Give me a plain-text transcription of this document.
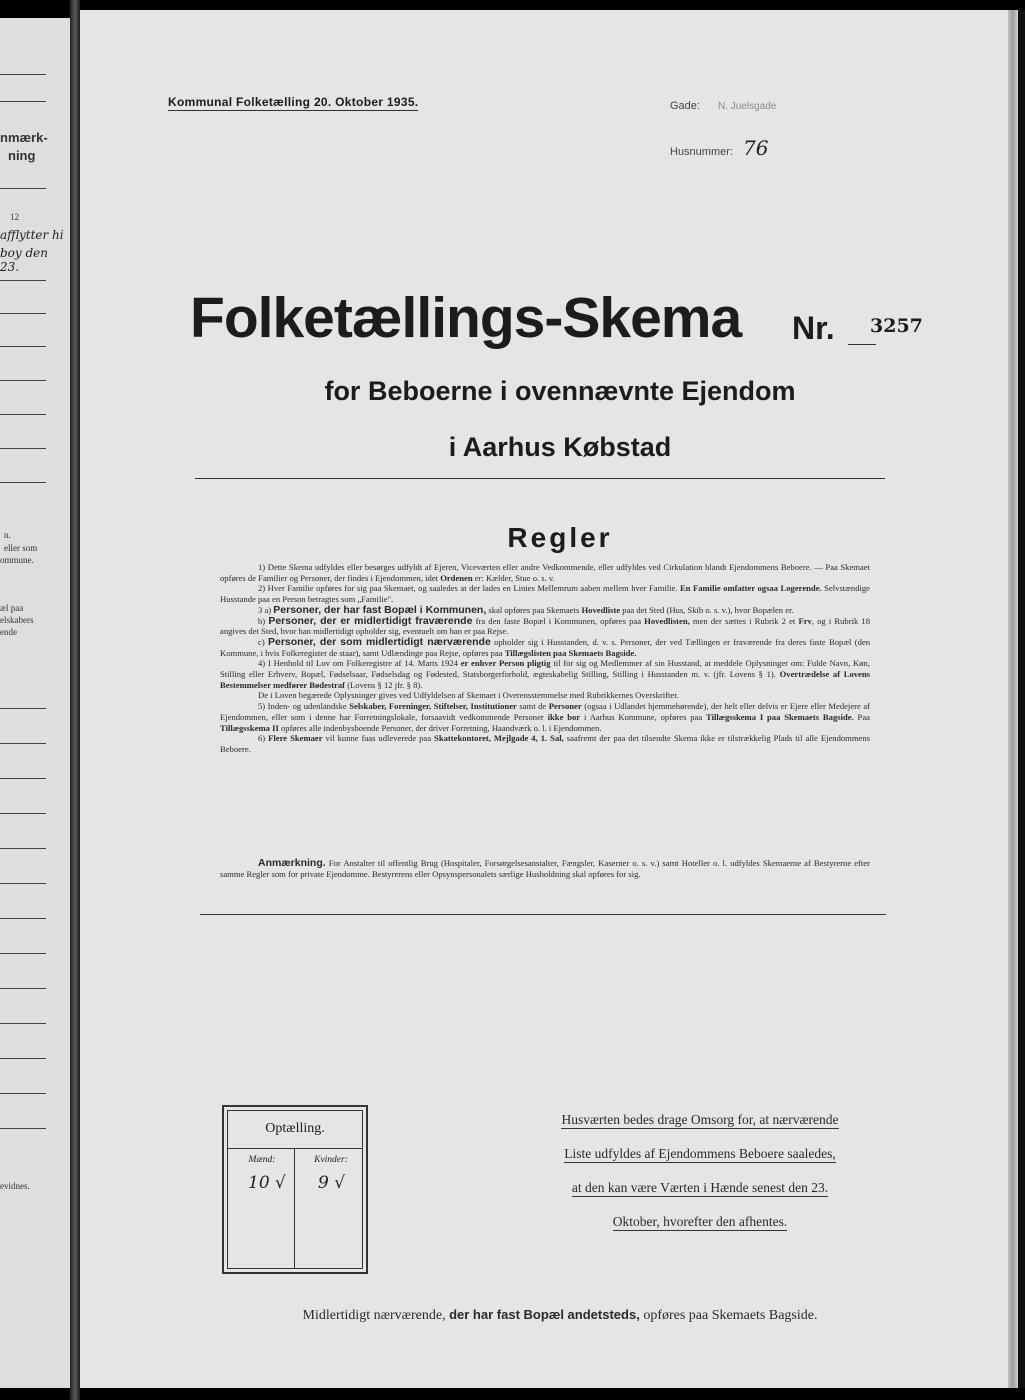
nmærk-
ning
12
afflytter hi
boy den 23.
n.
eller som
ommune.
æl paa
elskabers
ende
evidnes.
Kommunal Folketælling 20. Oktober 1935.	Gade: N. Juelsgade
Husnummer: 76
Folketællings-Skema Nr. 3257
for Beboerne i ovennævnte Ejendom
i Aarhus Købstad
Regler

1) Dette Skema udfyldes eller besørges udfyldt af Ejeren, Viceværten eller andre Vedkommende, eller udfyldes ved Cirkulation blandt Ejendommens Beboere. — Paa Skemaet opføres de Familier og Personer, der findes i Ejendommen, idet Ordenen er: Kælder, Stue o. s. v.

2) Hver Familie opføres for sig paa Skemaet, og saaledes at der lades en Linies Mellemrum aaben mellem hver Familie. En Familie omfatter ogsaa Logerende. Selvstændige Husstande paa en Person betragtes som „Familie".

3 a) Personer, der har fast Bopæl i Kommunen, skal opføres paa Skemaets Hovedliste paa det Sted (Hus, Skib o. s. v.), hvor Bopælen er.

b) Personer, der er midlertidigt fraværende fra den faste Bopæl i Kommunen, opføres paa Hovedlisten, men der sættes i Rubrik 2 et Frv, og i Rubrik 18 angives det Sted, hvor han midlertidigt opholder sig, eventuelt om han er paa Rejse.

c) Personer, der som midlertidigt nærværende opholder sig i Husstanden, d. v. s. Personer, der ved Tællingen er fraværende fra deres faste Bopæl (den Kommune, i hvis Folkeregister de staar), samt Udlændinge paa Rejse, opføres paa Tillægslisten paa Skemaets Bagside.

4) I Henhold til Lov om Folkeregistre af 14. Marts 1924 er enhver Person pligtig til for sig og Medlemmer af sin Husstand, at meddele Oplysninger om: Fulde Navn, Køn, Stilling eller Erhverv, Bopæl, Fødselsaar, Fødselsdag og Fødested, Statsborgerforhold, ægteskabelig Stilling, Stilling i Husstanden m. v. (jfr. Lovens § 1). Overtrædelse af Lovens Bestemmelser medfører Bødestraf (Lovens § 12 jfr. § 8).

De i Loven begærede Oplysninger gives ved Udfyldelsen af Skemaet i Overensstemmelse med Rubrikkernes Overskrifter.

5) Inden- og udenlandske Selskaber, Foreninger, Stiftelser, Institutioner samt de Personer (ogsaa i Udlandet hjemmehørende), der helt eller delvis er Ejere eller Medejere af Ejendommen, eller som i denne har Forretningslokale, forsaavidt vedkommende Personer ikke bor i Aarhus Kommune, opføres paa Tillægsskema I paa Skemaets Bagside. Paa Tillægsskema II opføres alle indenbysboende Personer, der driver Forretning, Haandværk o. l. i Ejendommen.

6) Flere Skemaer vil kunne faas udleverede paa Skattekontoret, Mejlgade 4, 1. Sal, saafremt der paa det tilsendte Skema ikke er tilstrækkelig Plads til alle Ejendommens Beboere.

Anmærkning. For Anstalter til offentlig Brug (Hospitaler, Forsørgelsesanstalter, Fængsler, Kaserner o. s. v.) samt Hoteller o. l. udfyldes Skemaerne af Bestyrerne efter samme Regler som for private Ejendomme. Bestyrerens eller Opsynspersonalets særlige Husholdning skal opføres for sig.

Optælling.
Mænd:	Kvinder:
10 √ 9 √
Husværten bedes drage Omsorg for, at nærværende
Liste udfyldes af Ejendommens Beboere saaledes,
at den kan være Værten i Hænde senest den 23.
Oktober, hvorefter den afhentes.
Midlertidigt nærværende, der har fast Bopæl andetsteds, opføres paa Skemaets Bagside.
